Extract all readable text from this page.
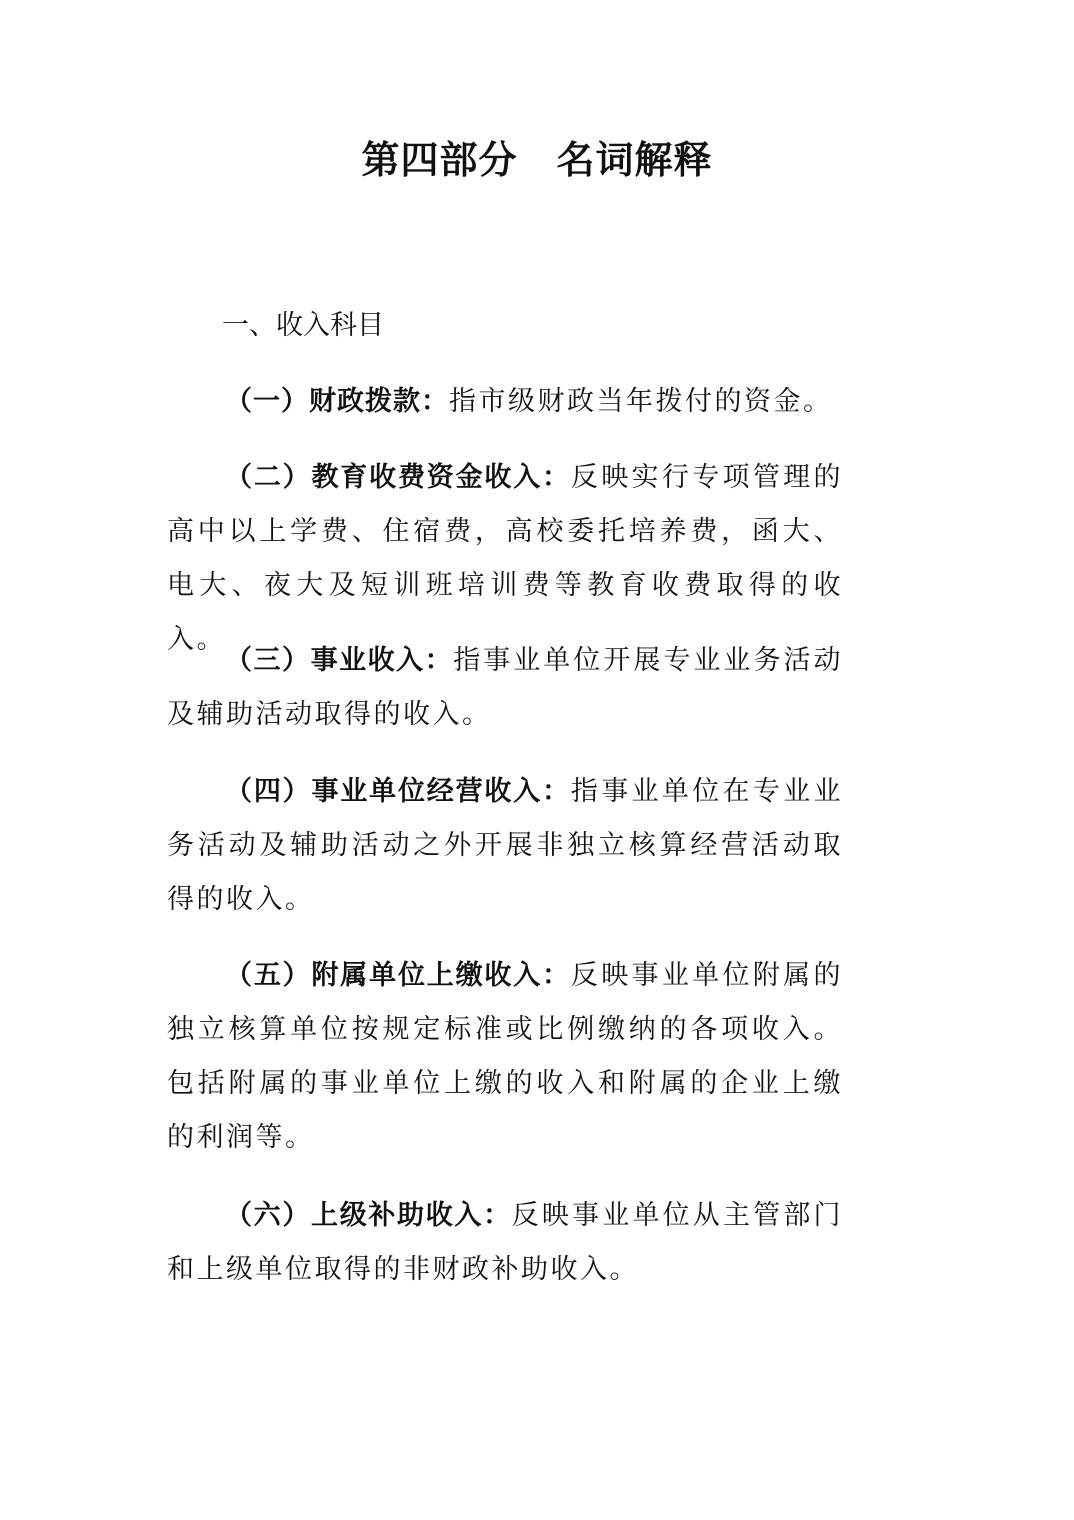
第四部分　名词解释
一、收入科目

（一）财政拨款：指市级财政当年拨付的资金。

（二）教育收费资金收入：反映实行专项管理的高中以上学费、住宿费，高校委托培养费，函大、电大、夜大及短训班培训费等教育收费取得的收入。

（三）事业收入：指事业单位开展专业业务活动及辅助活动取得的收入。

（四）事业单位经营收入：指事业单位在专业业务活动及辅助活动之外开展非独立核算经营活动取得的收入。

（五）附属单位上缴收入：反映事业单位附属的独立核算单位按规定标准或比例缴纳的各项收入。包括附属的事业单位上缴的收入和附属的企业上缴的利润等。

（六）上级补助收入：反映事业单位从主管部门和上级单位取得的非财政补助收入。
